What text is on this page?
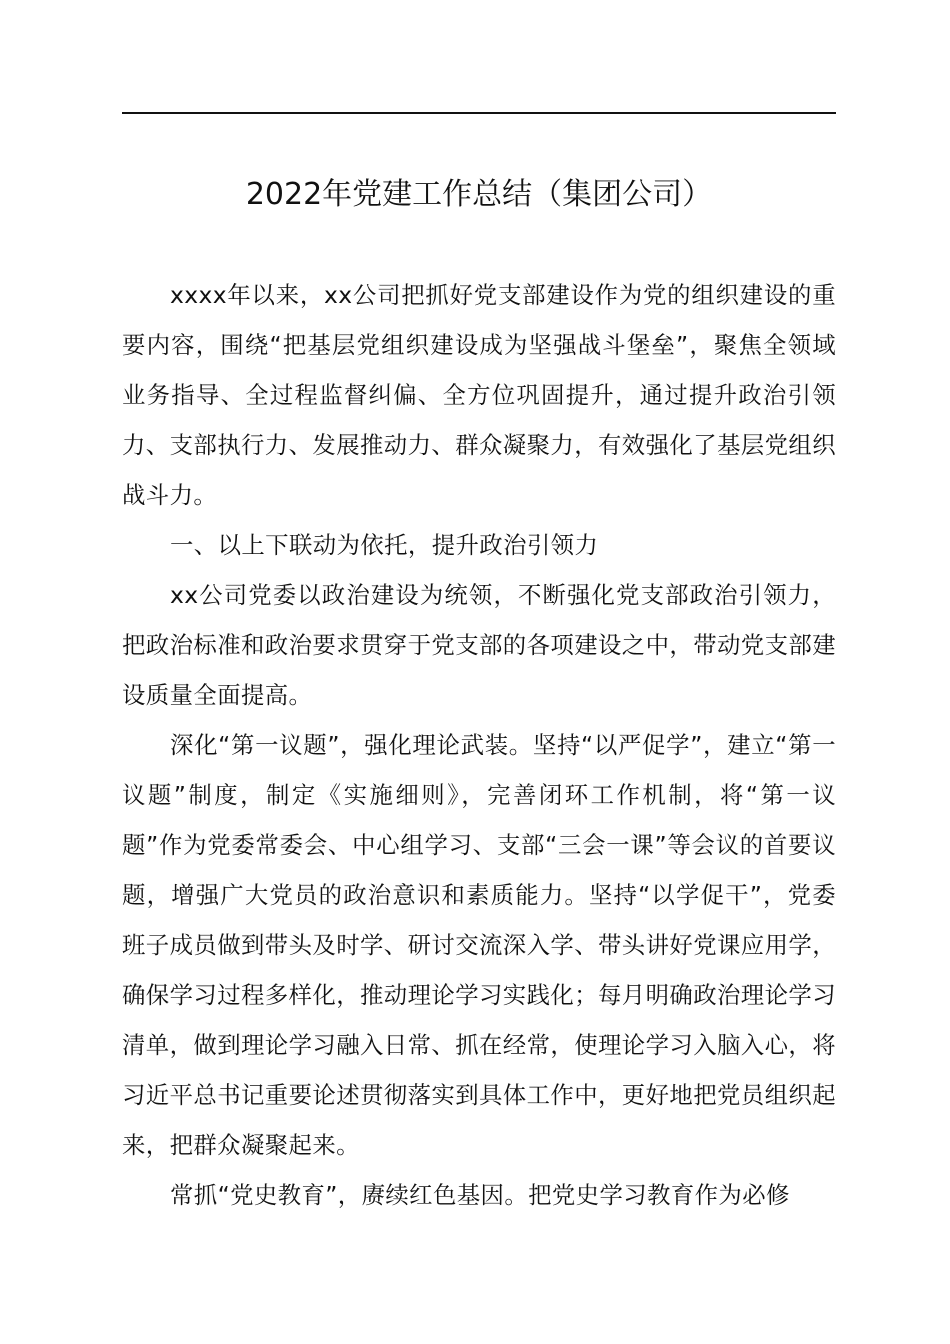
2022年党建工作总结（集团公司）

xxxx年以来，xx公司把抓好党支部建设作为党的组织建设的重要内容，围绕“把基层党组织建设成为坚强战斗堡垒”，聚焦全领域业务指导、全过程监督纠偏、全方位巩固提升，通过提升政治引领力、支部执行力、发展推动力、群众凝聚力，有效强化了基层党组织战斗力。

一、以上下联动为依托，提升政治引领力

xx公司党委以政治建设为统领，不断强化党支部政治引领力，把政治标准和政治要求贯穿于党支部的各项建设之中，带动党支部建设质量全面提高。

深化“第一议题”，强化理论武装。坚持“以严促学”，建立“第一议题”制度，制定《实施细则》，完善闭环工作机制，将“第一议题”作为党委常委会、中心组学习、支部“三会一课”等会议的首要议题，增强广大党员的政治意识和素质能力。坚持“以学促干”，党委班子成员做到带头及时学、研讨交流深入学、带头讲好党课应用学，确保学习过程多样化，推动理论学习实践化；每月明确政治理论学习清单，做到理论学习融入日常、抓在经常，使理论学习入脑入心，将习近平总书记重要论述贯彻落实到具体工作中，更好地把党员组织起来，把群众凝聚起来。

常抓“党史教育”，赓续红色基因。把党史学习教育作为必修
